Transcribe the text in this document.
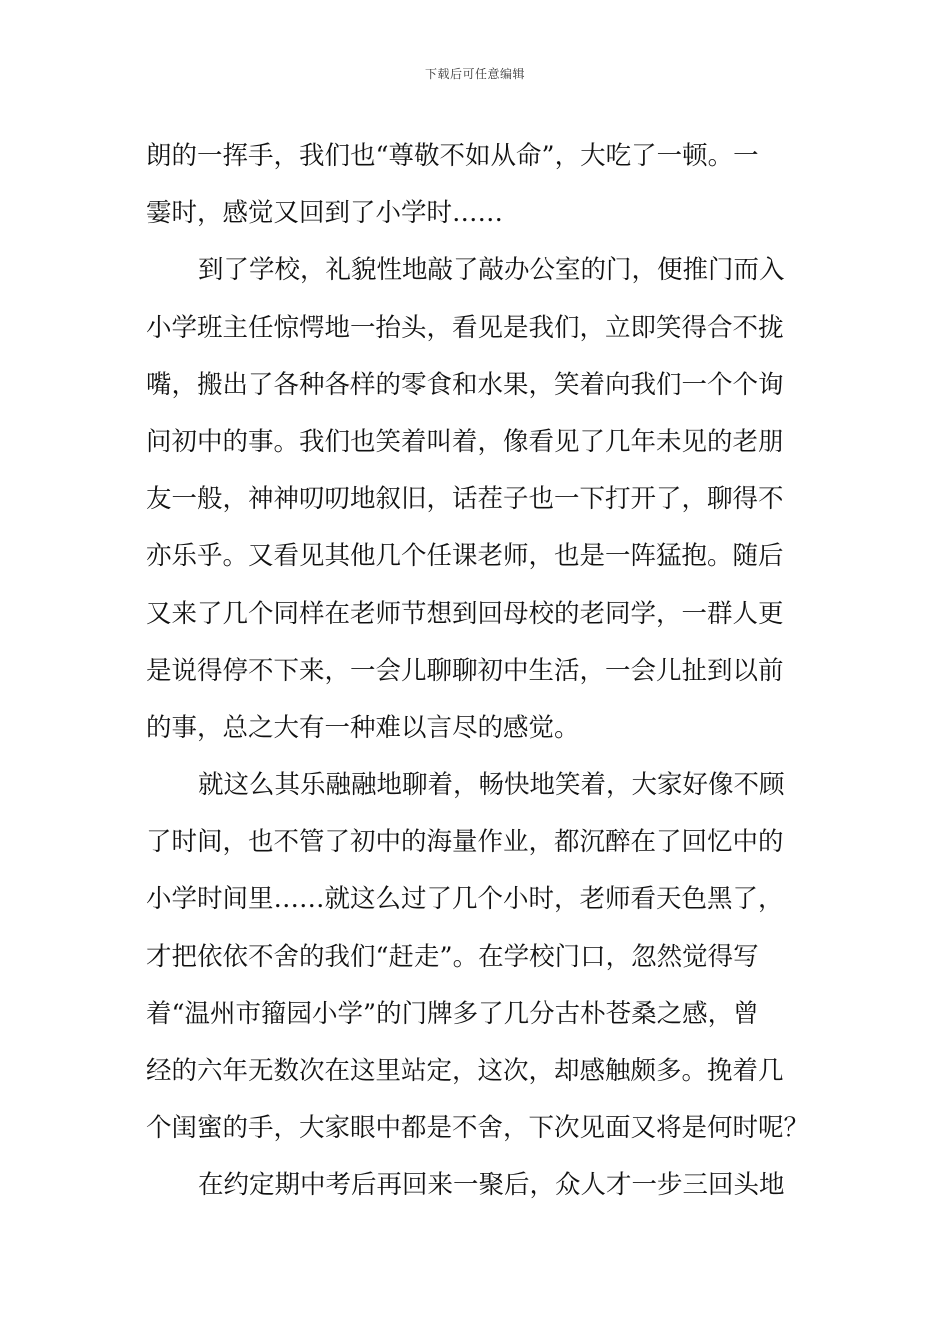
下载后可任意编辑
朗的一挥手，我们也“尊敬不如从命”，大吃了一顿。一
霎时，感觉又回到了小学时……
到了学校，礼貌性地敲了敲办公室的门，便推门而入
小学班主任惊愕地一抬头，看见是我们，立即笑得合不拢
嘴，搬出了各种各样的零食和水果，笑着向我们一个个询
问初中的事。我们也笑着叫着，像看见了几年未见的老朋
友一般，神神叨叨地叙旧，话茬子也一下打开了，聊得不
亦乐乎。又看见其他几个任课老师，也是一阵猛抱。随后
又来了几个同样在老师节想到回母校的老同学，一群人更
是说得停不下来，一会儿聊聊初中生活，一会儿扯到以前
的事，总之大有一种难以言尽的感觉。
就这么其乐融融地聊着，畅快地笑着，大家好像不顾
了时间，也不管了初中的海量作业，都沉醉在了回忆中的
小学时间里……就这么过了几个小时，老师看天色黑了，
才把依依不舍的我们“赶走”。在学校门口，忽然觉得写
着“温州市籀园小学”的门牌多了几分古朴苍桑之感，曾
经的六年无数次在这里站定，这次，却感触颇多。挽着几
个闺蜜的手，大家眼中都是不舍，下次见面又将是何时呢？
在约定期中考后再回来一聚后，众人才一步三回头地
